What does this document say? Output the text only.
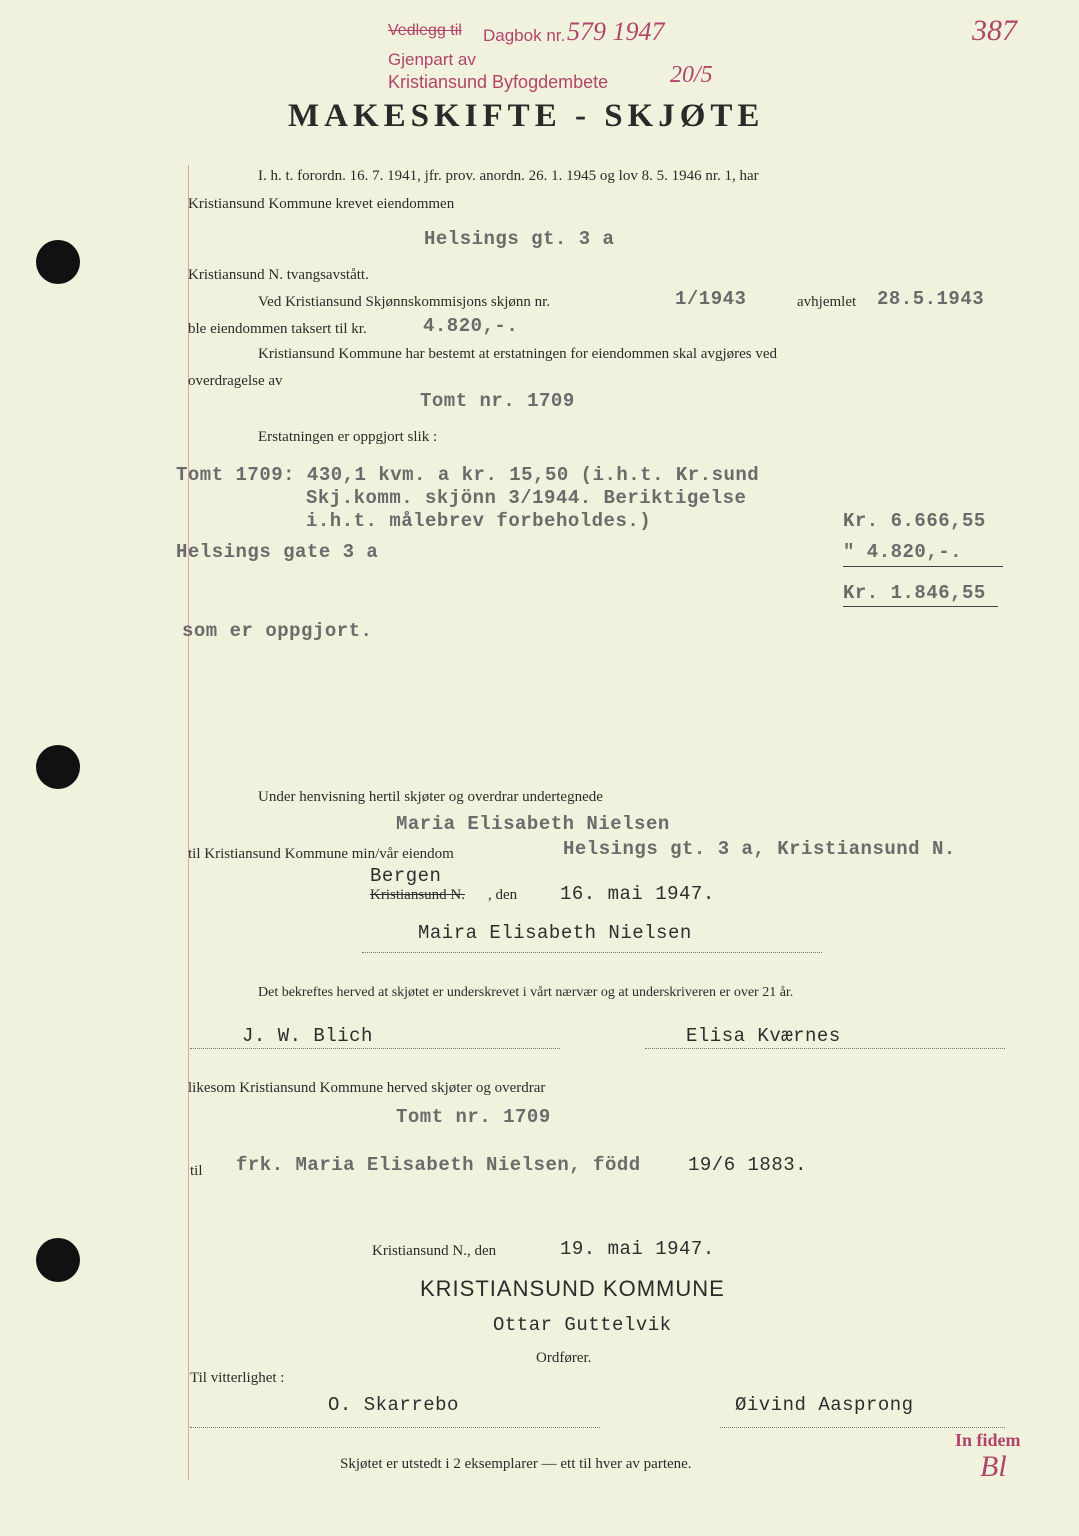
Vedlegg til Dagbok nr. 579 1947	387
Gjenpart av
Kristiansund Byfogdembete	20/5
MAKESKIFTE - SKJØTE
I. h. t. forordn. 16. 7. 1941, jfr. prov. anordn. 26. 1. 1945 og lov 8. 5. 1946 nr. 1, har
Kristiansund Kommune krevet eiendommen
Helsings gt. 3 a
Kristiansund N. tvangsavstått.
Ved Kristiansund Skjønnskommisjons skjønn nr.	1/1943	avhjemlet 28.5.1943
ble eiendommen taksert til kr.	4.820,-.
Kristiansund Kommune har bestemt at erstatningen for eiendommen skal avgjøres ved
overdragelse av
Tomt nr. 1709
Erstatningen er oppgjort slik :
Tomt 1709: 430,1 kvm. a kr. 15,50 (i.h.t. Kr.sund
Skj.komm. skjönn 3/1944. Beriktigelse
i.h.t. målebrev forbeholdes.)	Kr. 6.666,55
Helsings gate 3 a	" 4.820,-.
Kr. 1.846,55
som er oppgjort.
Under henvisning hertil skjøter og overdrar undertegnede
Maria Elisabeth Nielsen
til Kristiansund Kommune min/vår eiendom	Helsings gt. 3 a, Kristiansund N.
Bergen
Kristiansund N. , den 16. mai 1947.
Maira Elisabeth Nielsen
Det bekreftes herved at skjøtet er underskrevet i vårt nærvær og at underskriveren er over 21 år.
J. W. Blich	Elisa Kværnes
likesom Kristiansund Kommune herved skjøter og overdrar
Tomt nr. 1709
til frk. Maria Elisabeth Nielsen, född 19/6 1883.
Kristiansund N., den	19. mai 1947.
KRISTIANSUND KOMMUNE
Ottar Guttelvik
Ordfører.
Til vitterlighet :
O. Skarrebo	Øivind Aasprong
Skjøtet er utstedt i 2 eksemplarer — ett til hver av partene.
In fidem
Bl
